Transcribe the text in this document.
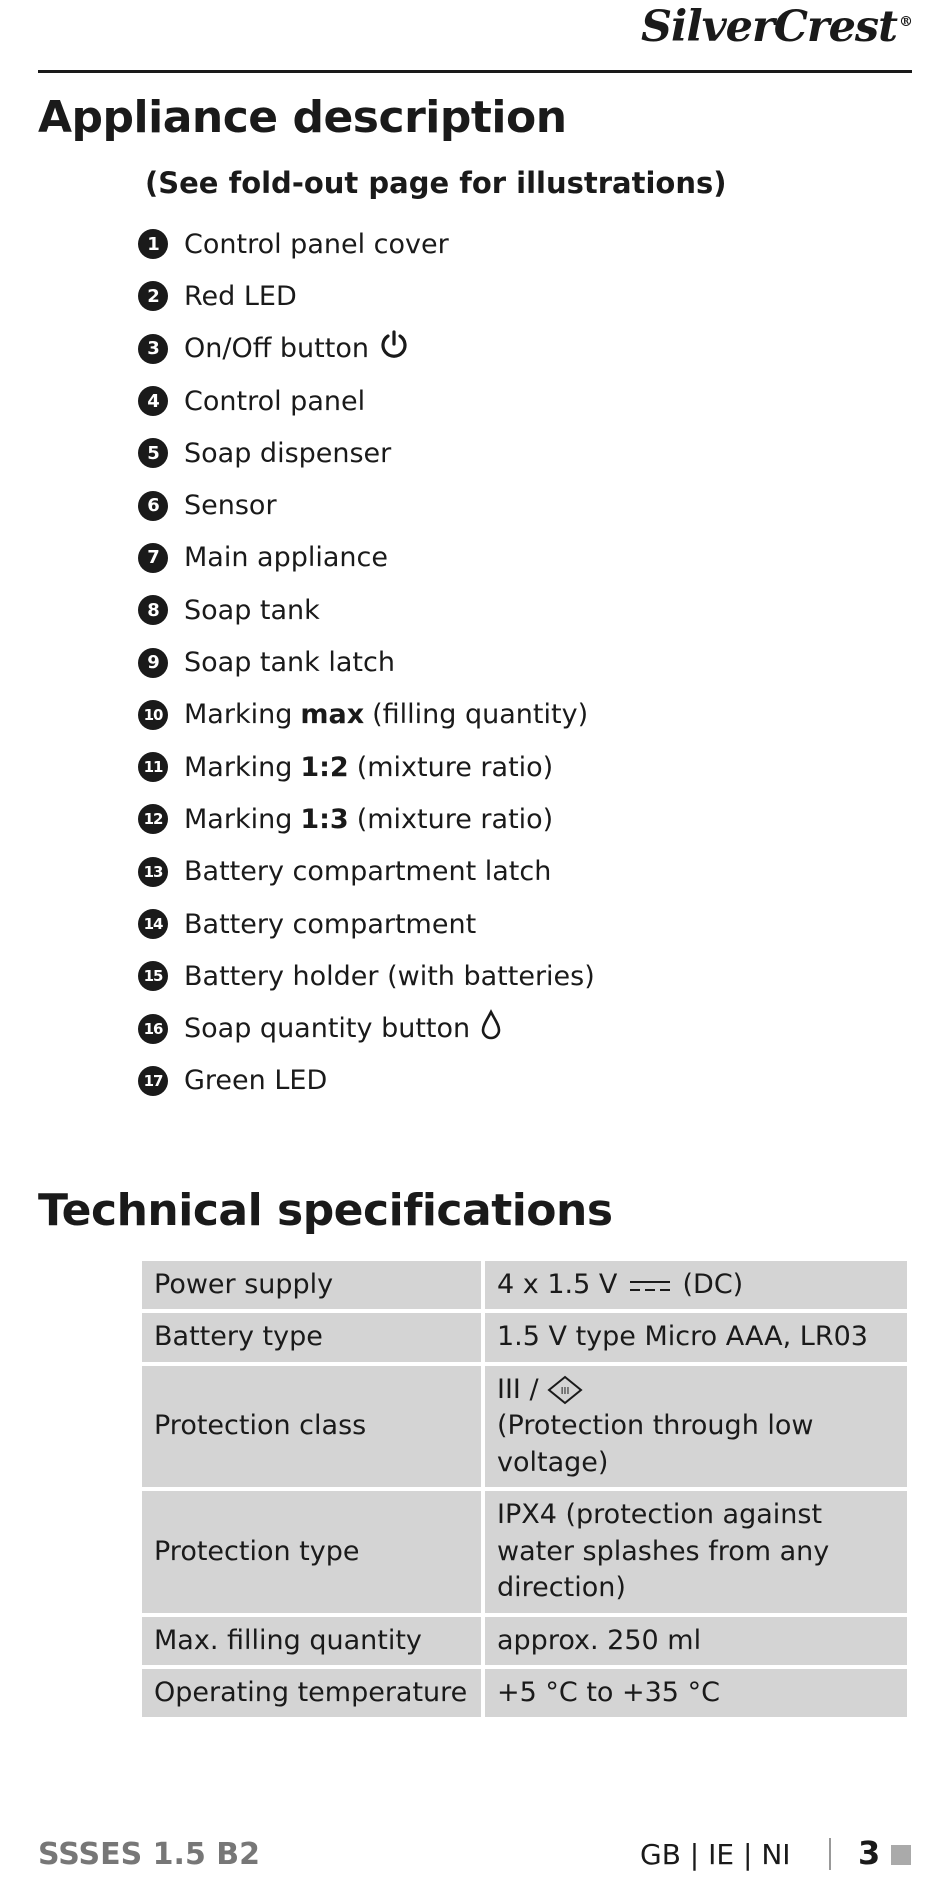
SilverCrest ®
Appliance description
(See fold-out page for illustrations)
1 Control panel cover
2 Red LED
3 On/Off button
4 Control panel
5 Soap dispenser
6 Sensor
7 Main appliance
8 Soap tank
9 Soap tank latch
10 Marking max (filling quantity)
11 Marking 1:2 (mixture ratio)
12 Marking 1:3 (mixture ratio)
13 Battery compartment latch
14 Battery compartment
15 Battery holder (with batteries)
16 Soap quantity button
17 Green LED
Technical specifications
Power supply	4 x 1.5 V  (DC)

Battery type	1.5 V type Micro AAA, LR03
Protection class	III / III
(Protection through low voltage)

Protection type	IPX4 (protection against water splashes from any direction)
Max. filling quantity	approx. 250 ml
Operating temperature	+5 °C to +35 °C
SSSES 1.5 B2	GB | IE | NI 3
